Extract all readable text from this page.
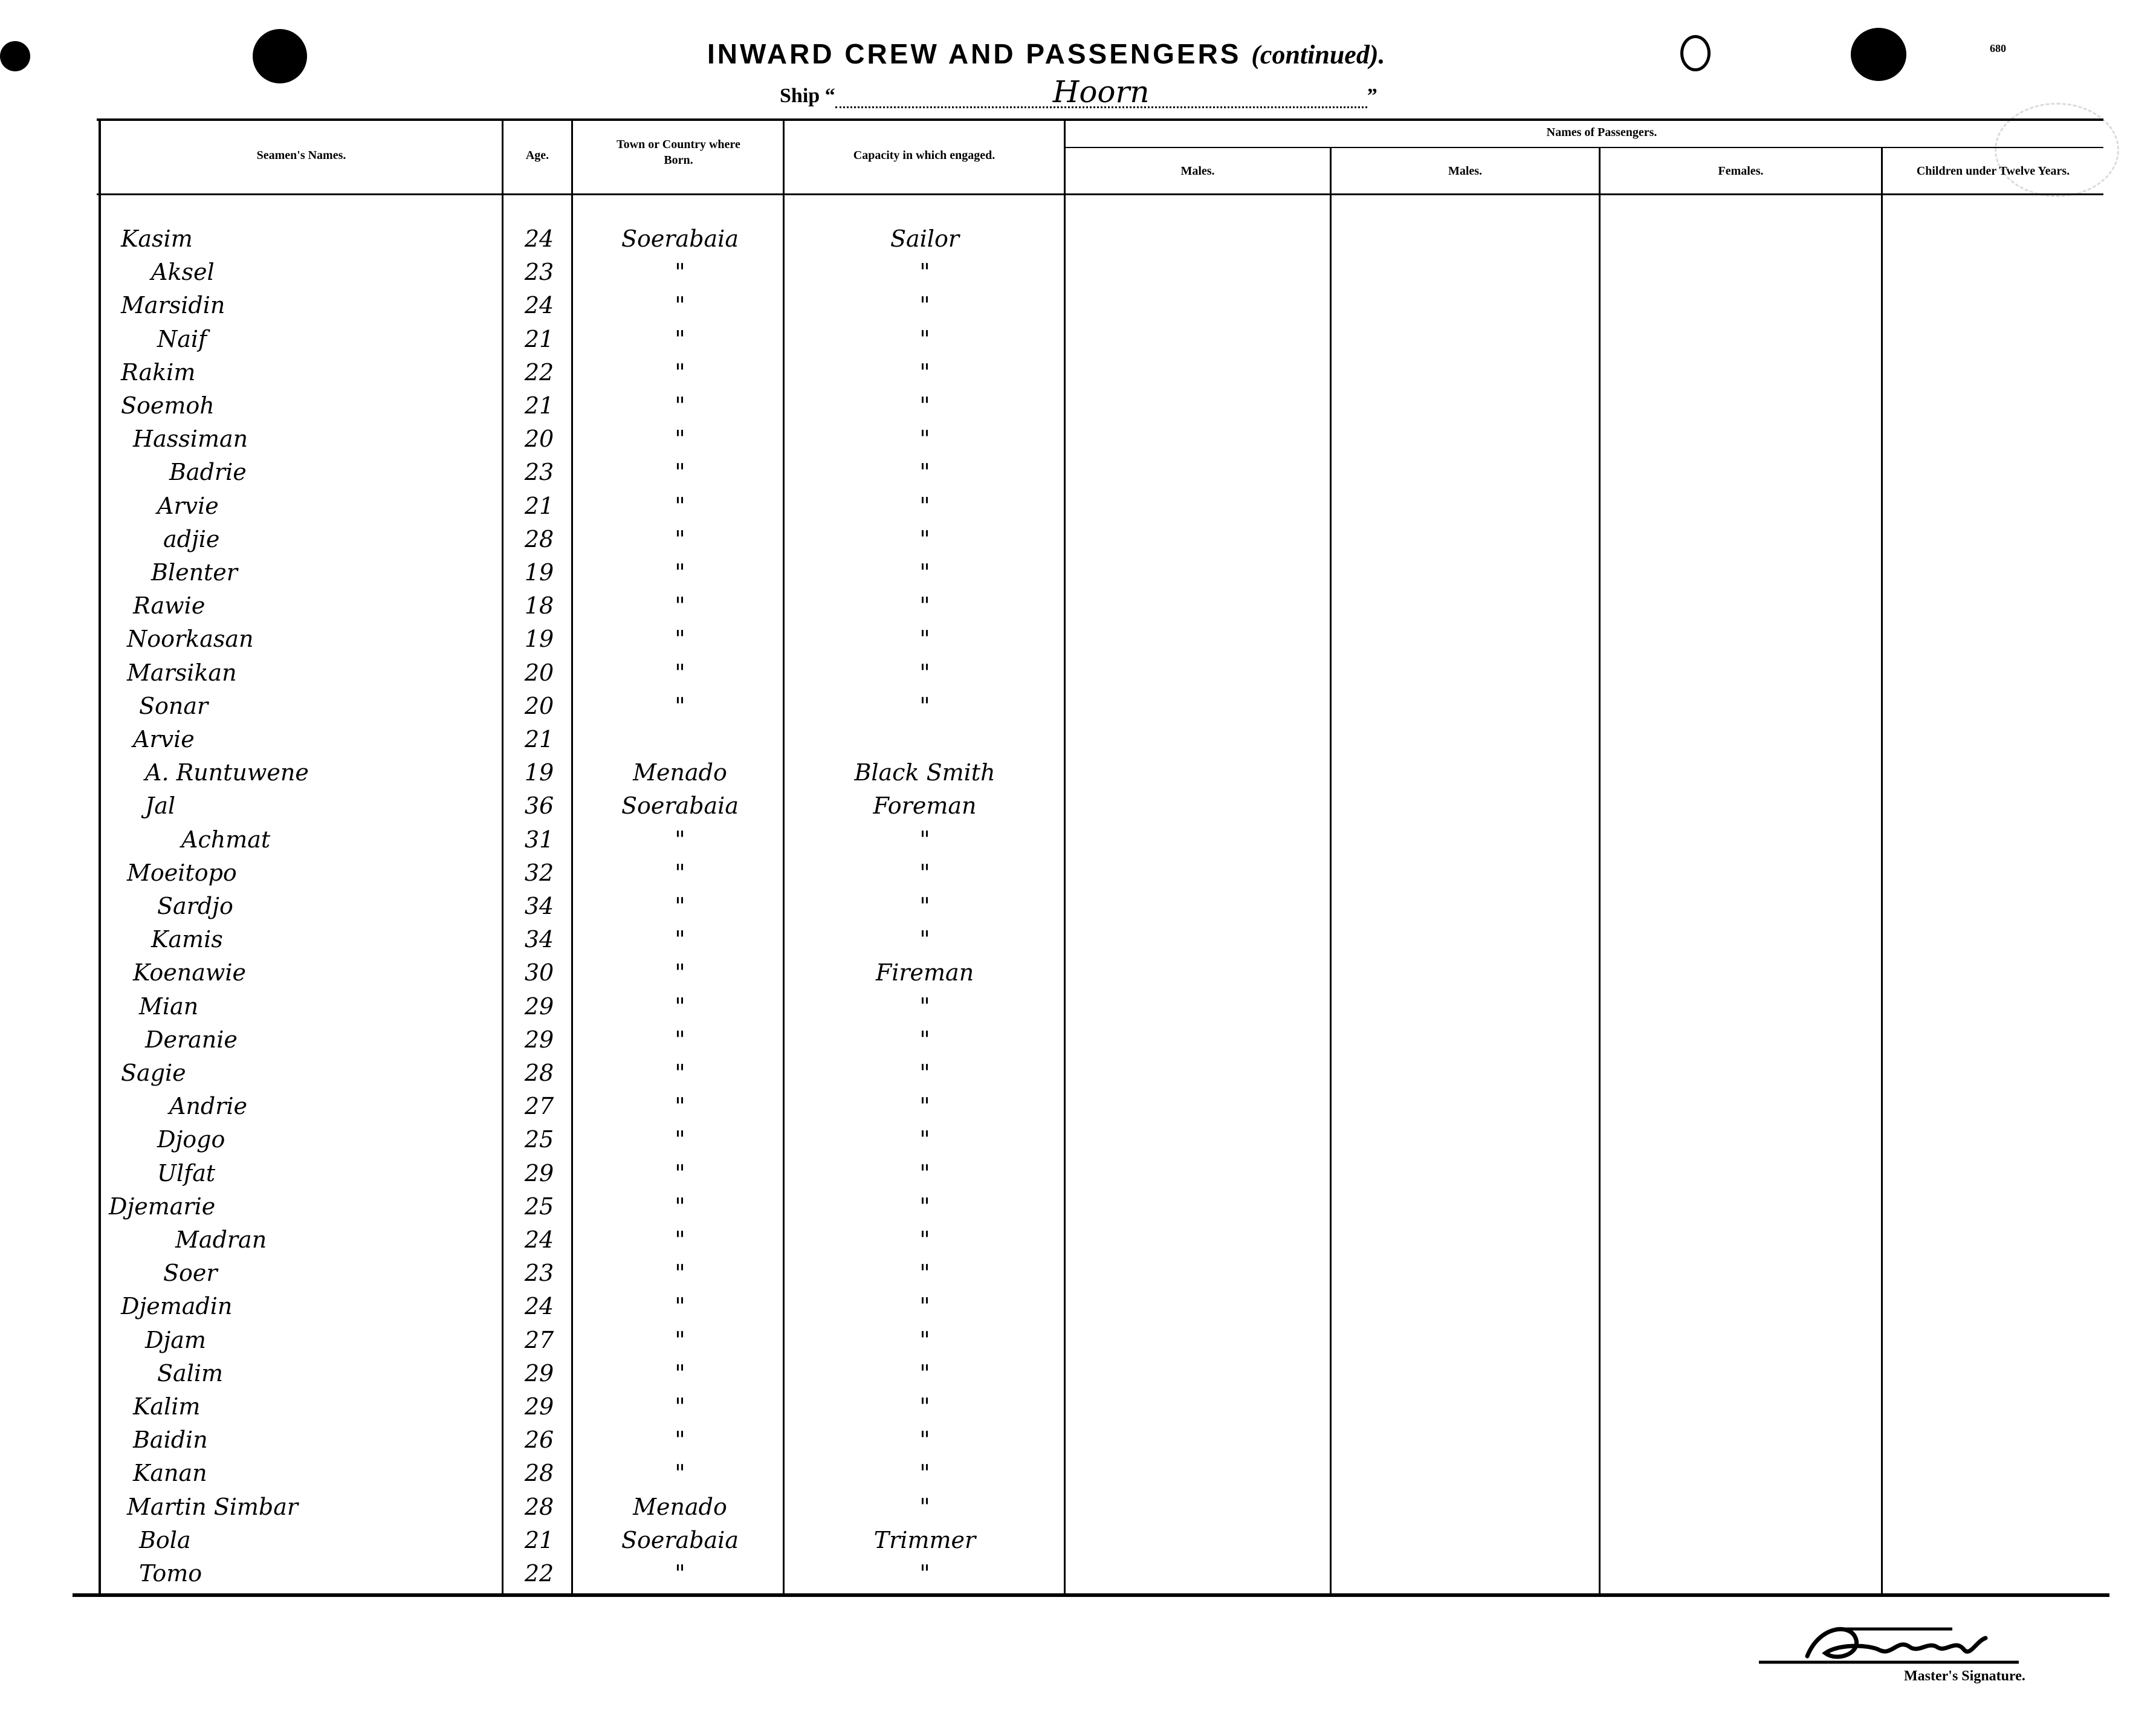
INWARD CREW AND PASSENGERS (continued).
Ship “	Hoorn	”
680
Seamen's Names.	Age.
Town or Country where Born.	Capacity in which engaged.
Names of Passengers.
Males.	Males.	Females.	Children under Twelve Years.
Kasim	24	Soerabaia	Sailor
Aksel	23	"	"
Marsidin	24	"	"
Naif	21	"	"
Rakim	22	"	"
Soemoh	21	"	"
Hassiman	20	"	"
Badrie	23	"	"
Arvie	21	"	"
adjie	28	"	"
Blenter	19	"	"
Rawie	18	"	"
Noorkasan	19	"	"
Marsikan	20	"	"
Sonar	20	"	"
Arvie	21
A. Runtuwene	19	Menado	Black Smith
Jal	36	Soerabaia	Foreman
Achmat	31	"	"
Moeitopo	32	"	"
Sardjo	34	"	"
Kamis	34	"	"
Koenawie	30	"	Fireman
Mian	29	"	"
Deranie	29	"	"
Sagie	28	"	"
Andrie	27	"	"
Djogo	25	"	"
Ulfat	29	"	"
Djemarie	25	"	"
Madran	24	"	"
Soer	23	"	"
Djemadin	24	"	"
Djam	27	"	"
Salim	29	"	"
Kalim	29	"	"
Baidin	26	"	"
Kanan	28	"	"
Martin Simbar	28	Menado	"
Bola	21	Soerabaia	Trimmer
Tomo	22	"	"
Master's Signature.
